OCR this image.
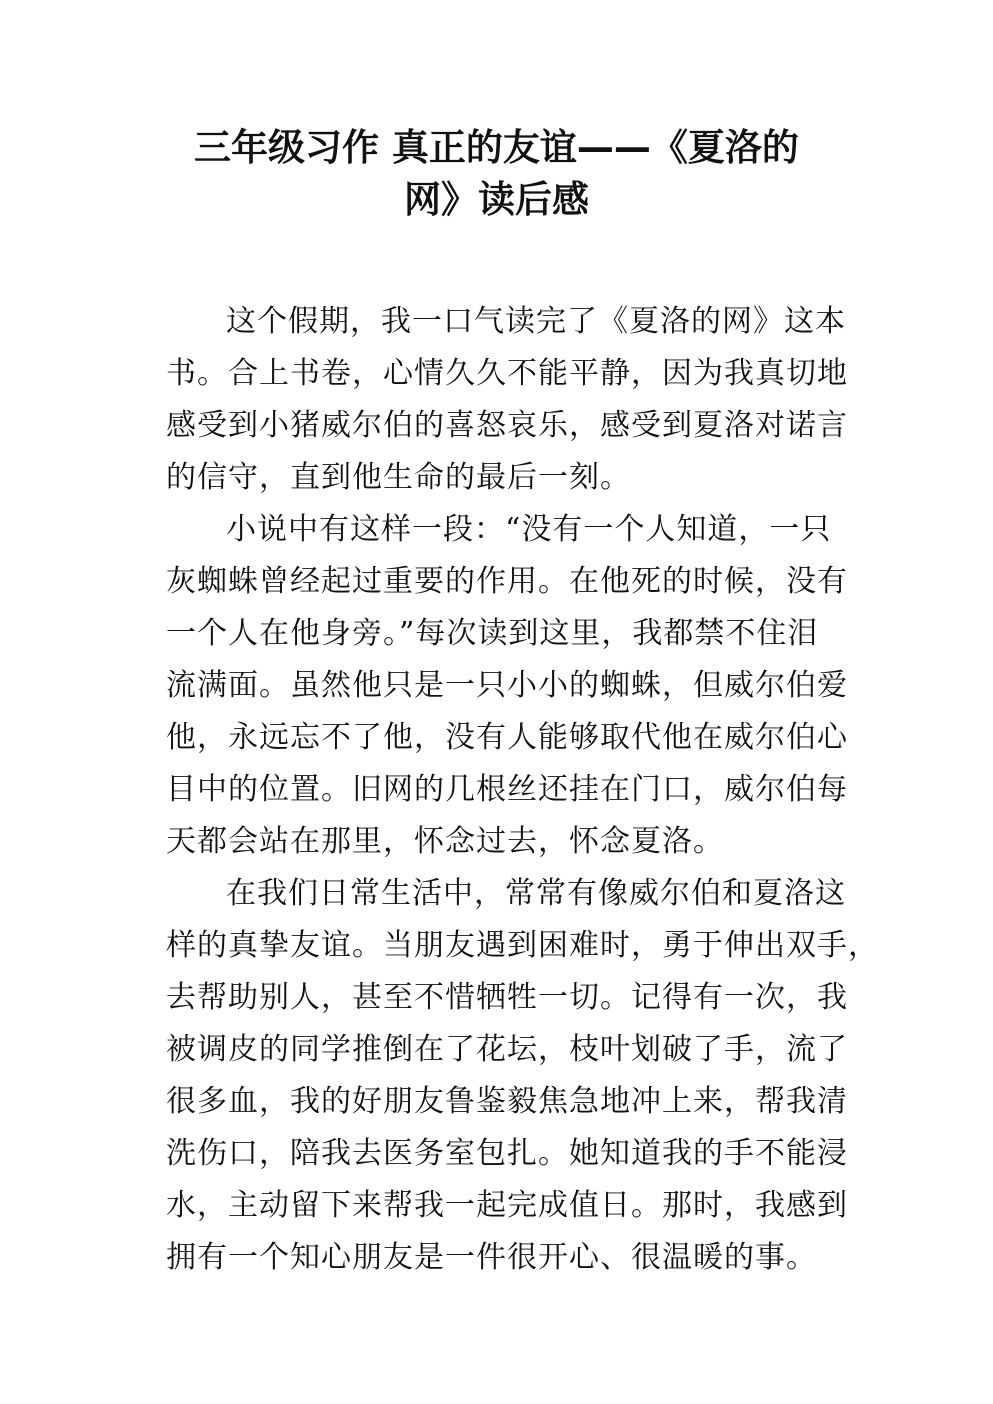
三年级习作 真正的友谊——《夏洛的
网》读后感
这个假期，我一口气读完了《夏洛的网》这本
书。合上书卷，心情久久不能平静，因为我真切地
感受到小猪威尔伯的喜怒哀乐，感受到夏洛对诺言
的信守，直到他生命的最后一刻。
小说中有这样一段：“没有一个人知道，一只
灰蜘蛛曾经起过重要的作用。在他死的时候，没有
一个人在他身旁。”每次读到这里，我都禁不住泪
流满面。虽然他只是一只小小的蜘蛛，但威尔伯爱
他，永远忘不了他，没有人能够取代他在威尔伯心
目中的位置。旧网的几根丝还挂在门口，威尔伯每
天都会站在那里，怀念过去，怀念夏洛。
在我们日常生活中，常常有像威尔伯和夏洛这
样的真挚友谊。当朋友遇到困难时，勇于伸出双手，
去帮助别人，甚至不惜牺牲一切。记得有一次，我
被调皮的同学推倒在了花坛，枝叶划破了手，流了
很多血，我的好朋友鲁鉴毅焦急地冲上来，帮我清
洗伤口，陪我去医务室包扎。她知道我的手不能浸
水，主动留下来帮我一起完成值日。那时，我感到
拥有一个知心朋友是一件很开心、很温暖的事。
